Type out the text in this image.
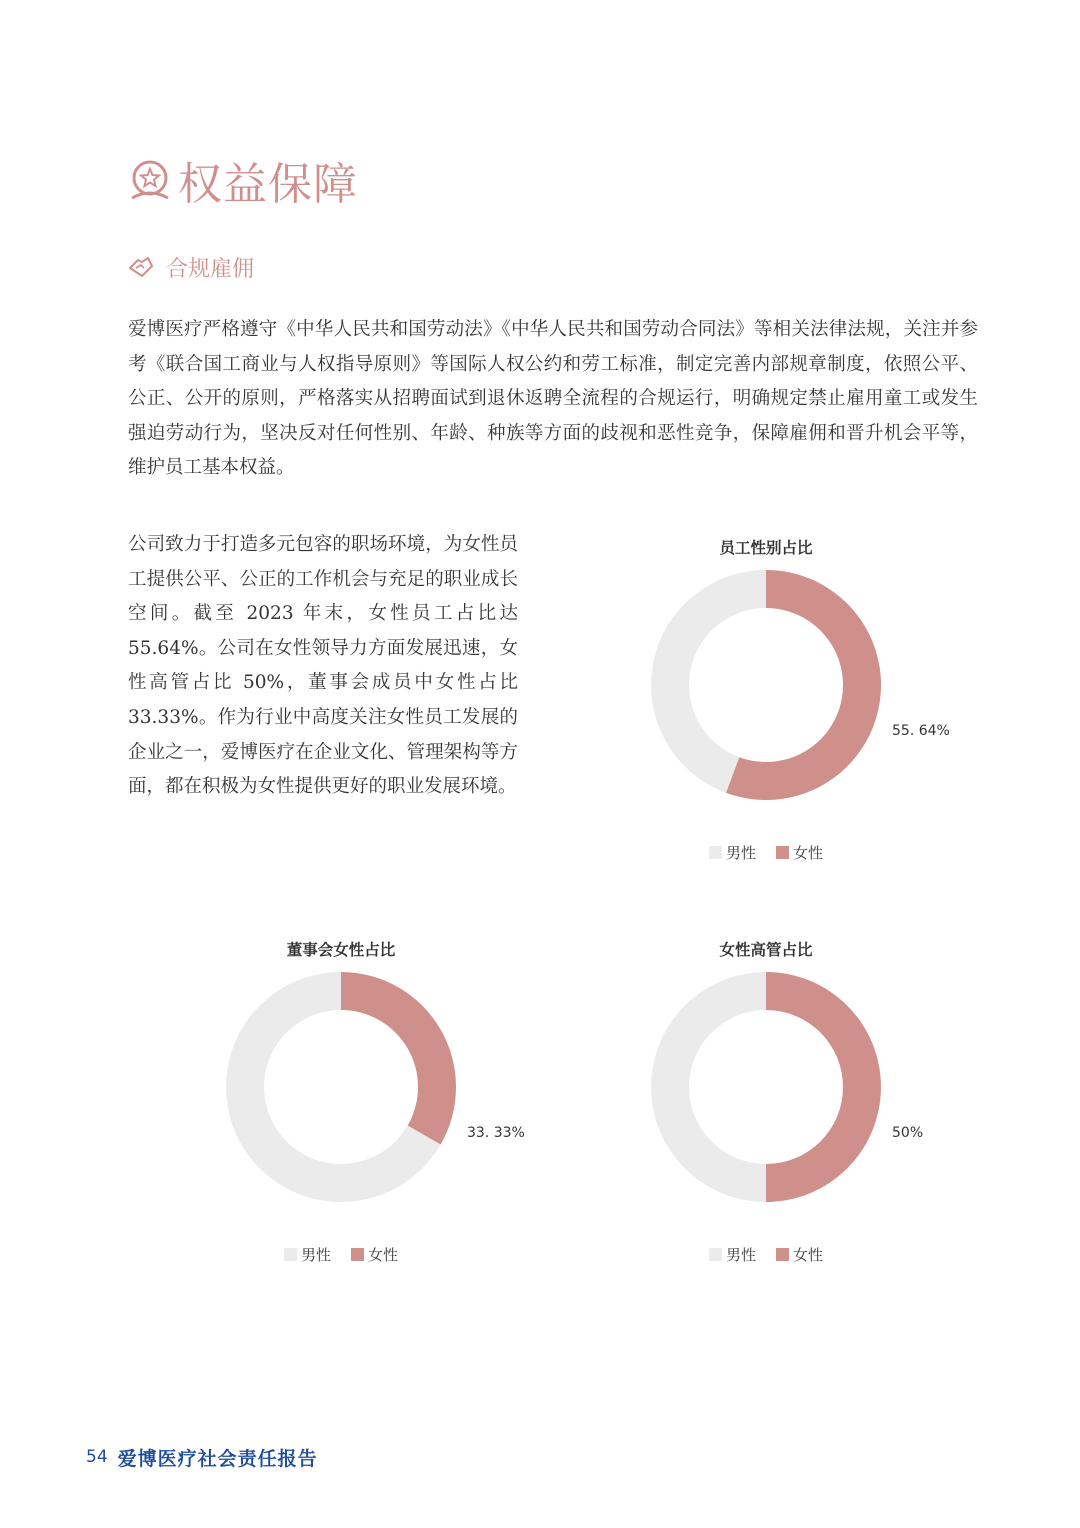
权益保障
合规雇佣

爱博医疗严格遵守《中华人民共和国劳动法》《中华人民共和国劳动合同法》等相关法律法规，关注并参考《联合国工商业与人权指导原则》等国际人权公约和劳工标准，制定完善内部规章制度，依照公平、公正、公开的原则，严格落实从招聘面试到退休返聘全流程的合规运行，明确规定禁止雇用童工或发生强迫劳动行为，坚决反对任何性别、年龄、种族等方面的歧视和恶性竞争，保障雇佣和晋升机会平等，维护员工基本权益。

公司致力于打造多元包容的职场环境，为女性员工提供公平、公正的工作机会与充足的职业成长空间。截至 2023 年末，女性员工占比达 55.64%。公司在女性领导力方面发展迅速，女性高管占比 50%，董事会成员中女性占比 33.33%。作为行业中高度关注女性员工发展的企业之一，爱博医疗在企业文化、管理架构等方面，都在积极为女性提供更好的职业发展环境。

员工性别占比
55. 64%
男性 女性
董事会女性占比
33. 33%
男性 女性
女性高管占比
50%
男性 女性
54 爱博医疗社会责任报告
